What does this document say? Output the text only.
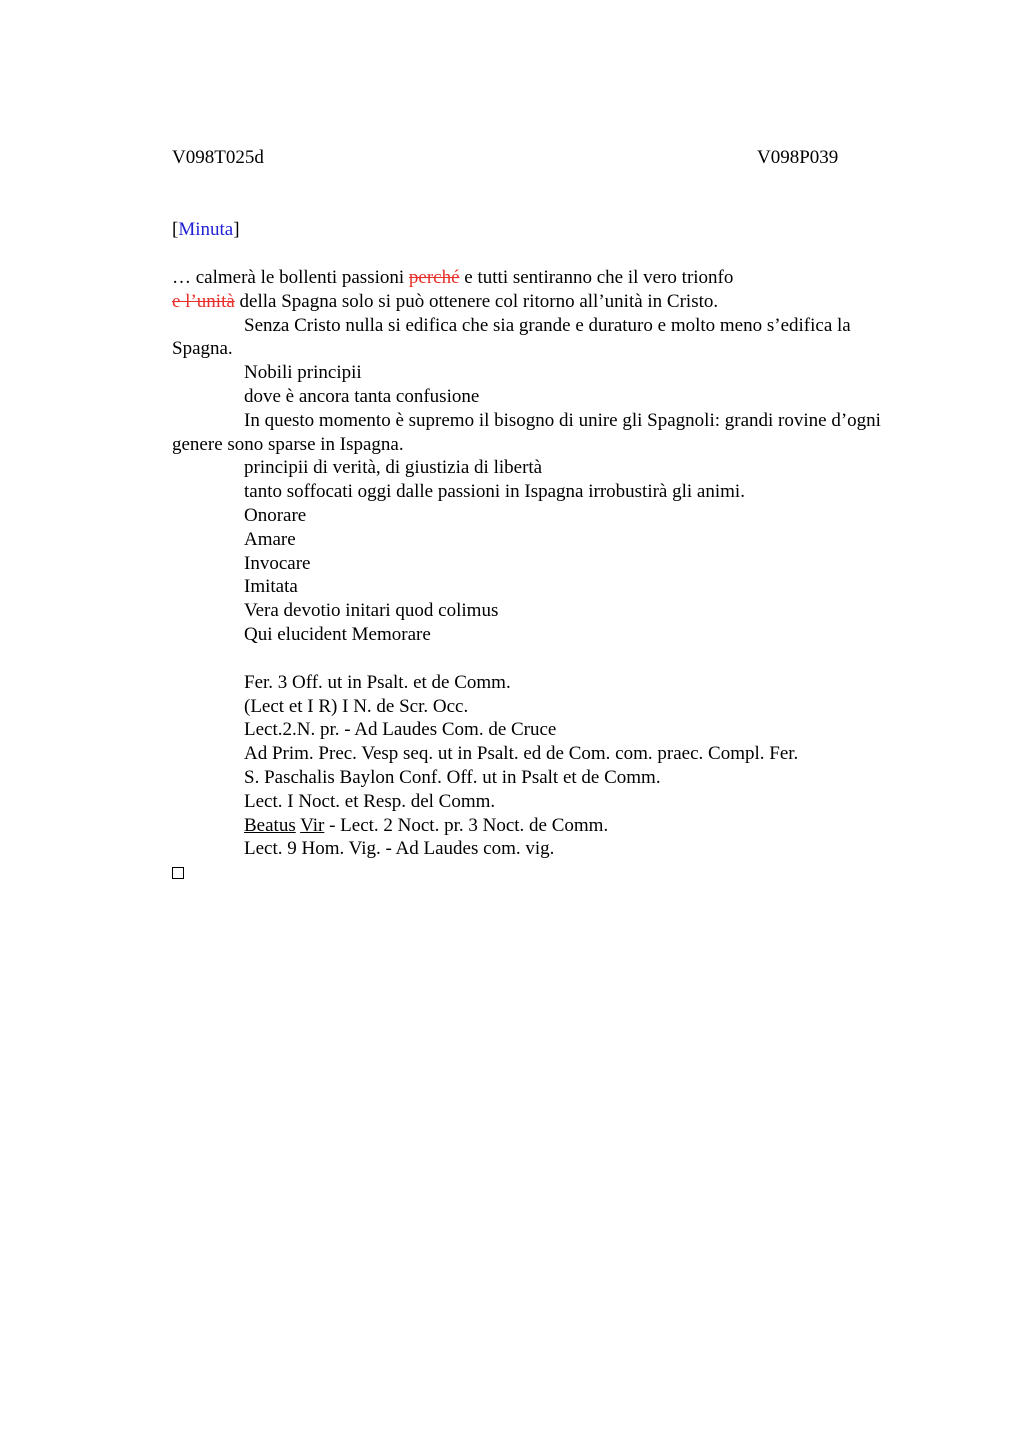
V098T025d	V098P039
[Minuta]

… calmerà le bollenti passioni perché e tutti sentiranno che il vero trionfo
e l’unità della Spagna solo si può ottenere col ritorno all’unità in Cristo.

Senza Cristo nulla si edifica che sia grande e duraturo e molto meno s’edifica la Spagna.

Nobili principii

dove è ancora tanta confusione

In questo momento è supremo il bisogno di unire gli Spagnoli: grandi rovine d’ogni genere sono sparse in Ispagna.

principii di verità, di giustizia di libertà

tanto soffocati oggi dalle passioni in Ispagna irrobustirà gli animi.

Onorare

Amare

Invocare

Imitata

Vera devotio initari quod colimus

Qui elucident Memorare

Fer. 3 Off. ut in Psalt. et de Comm.

(Lect et I R) I N. de Scr. Occ.

Lect.2.N. pr. - Ad Laudes Com. de Cruce

Ad Prim. Prec. Vesp seq. ut in Psalt. ed de Com. com. praec. Compl. Fer.

S. Paschalis Baylon Conf. Off. ut in Psalt et de Comm.

Lect. I Noct. et Resp. del Comm.

Beatus Vir - Lect. 2 Noct. pr. 3 Noct. de Comm.

Lect. 9 Hom. Vig. - Ad Laudes com. vig.
